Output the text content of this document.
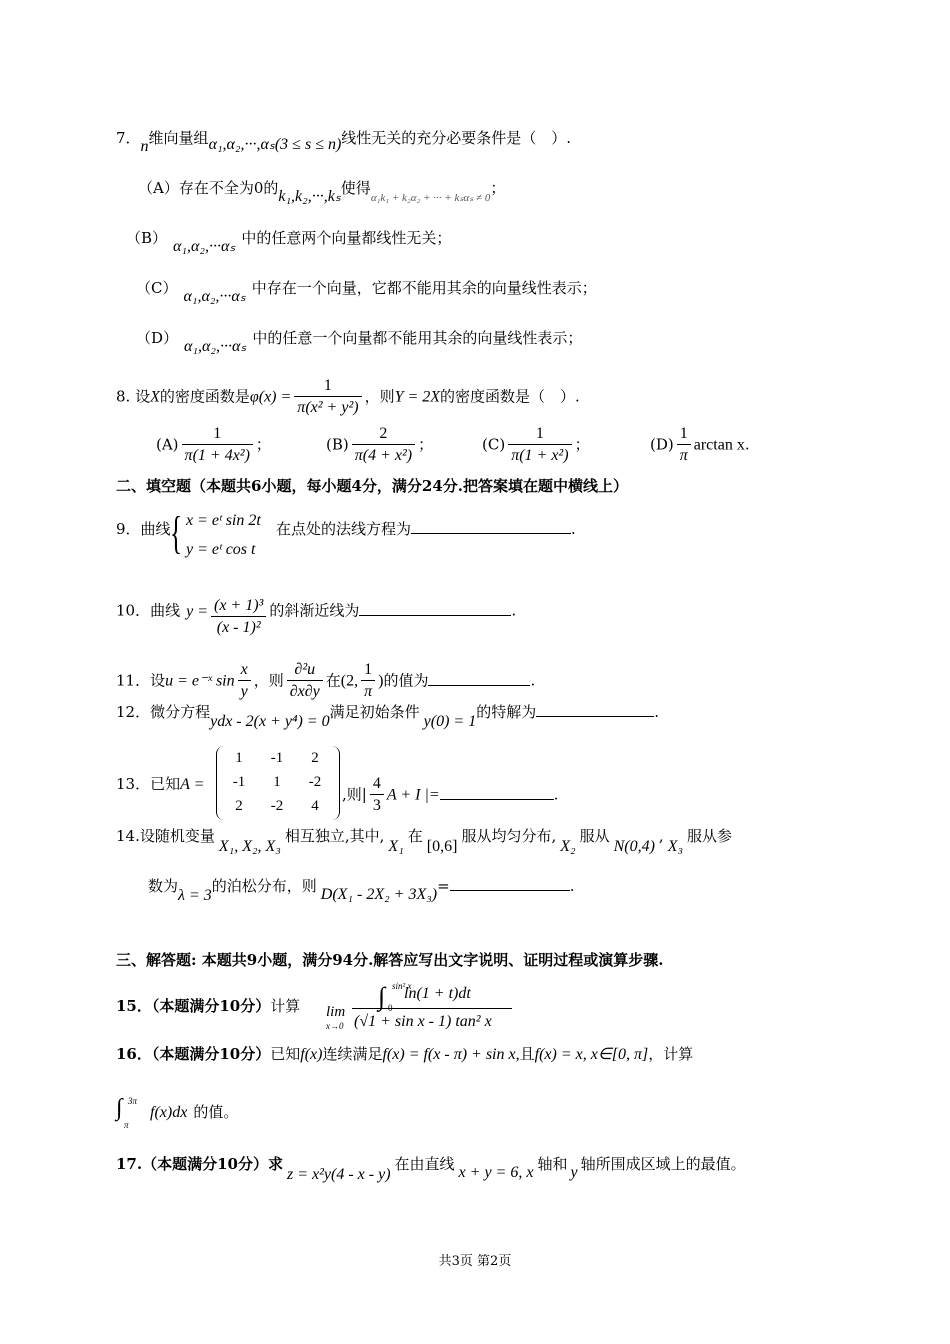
7．n维向量组α₁,α₂,···,αₛ(3 ≤ s ≤ n)线性无关的充分必要条件是（　）.
（A）存在不全为0的k₁,k₂,···,kₛ使得$_{\alpha_1k_1 + k_2\alpha_2 + \cdot\cdot\cdot + k_s\alpha_s \ne 0}$；
（B） α₁,α₂,···αₛ 中的任意两个向量都线性无关；
（C） α₁,α₂,···αₛ 中存在一个向量，它都不能用其余的向量线性表示；
（D） α₁,α₂,···αₛ 中的任意一个向量都不能用其余的向量线性表示；
8. 设X的密度函数是$\varphi(x) = \frac{1}{\text{π(x² + y²)}}$ ，则Y = 2X的密度函数是（　）.
$(A) \frac{1}{\text{π(1 + 4x²)}}$ ；	$(B) \frac{2}{\text{π(4 + x²)}}$ ；	$(C) \frac{1}{\text{π(1 + x²)}}$ ；	$(D) \frac{1}{\pi}$ arctan x.
二、填空题（本题共6小题，每小题4分，满分24分.把答案填在题中横线上）
9．曲线 { x = eᵗ sin 2t
y = eᵗ cos t
在点处的法线方程为	.
10．曲线 $y = \frac{\text{(x + 1)³}}{\text{(x - 1)²}}$ 的斜渐近线为	.
11．设u = e⁻ˣ $\sin \frac{x}{y}$ ，则 $\frac{\text{∂²u}}{\partial x\partial y}$ 在(2, $\frac{1}{\pi}$ )的值为	.
12．微分方程ydx - 2(x + y⁴) = 0满足初始条件y(0) = 1的特解为	.
13．已知A =
1	-1	2
-1	1	-2
2	-2	4
,则| $\frac{4}{3}$ A + I |=	.
14.设随机变量X₁, X₂, X₃相互独立,其中,X₁在[0,6]服从均匀分布,X₂服从N(0,4),X₃服从参
数为λ = 3的泊松分布，则 D(X₁ - 2X₂ + 3X₃)=	.
三、解答题: 本题共9小题，满分94分.解答应写出文字说明、证明过程或演算步骤.
15．（本题满分10分）计算 lim
x→0
∫ sin² x
0
ln(1 + t)dt
(√1 + sin x - 1) tan² x
16．（本题满分10分）已知f(x)连续满足f(x) = f(x - π) + sin x,且f(x) = x, x∈[0, π]，计算
∫ 3π
π
f(x)dx 的值。
17.（本题满分10分）求z = x²y(4 - x - y)在由直线 x + y = 6, x 轴和 y 轴所围成区域上的最值。
共3页 第2页
